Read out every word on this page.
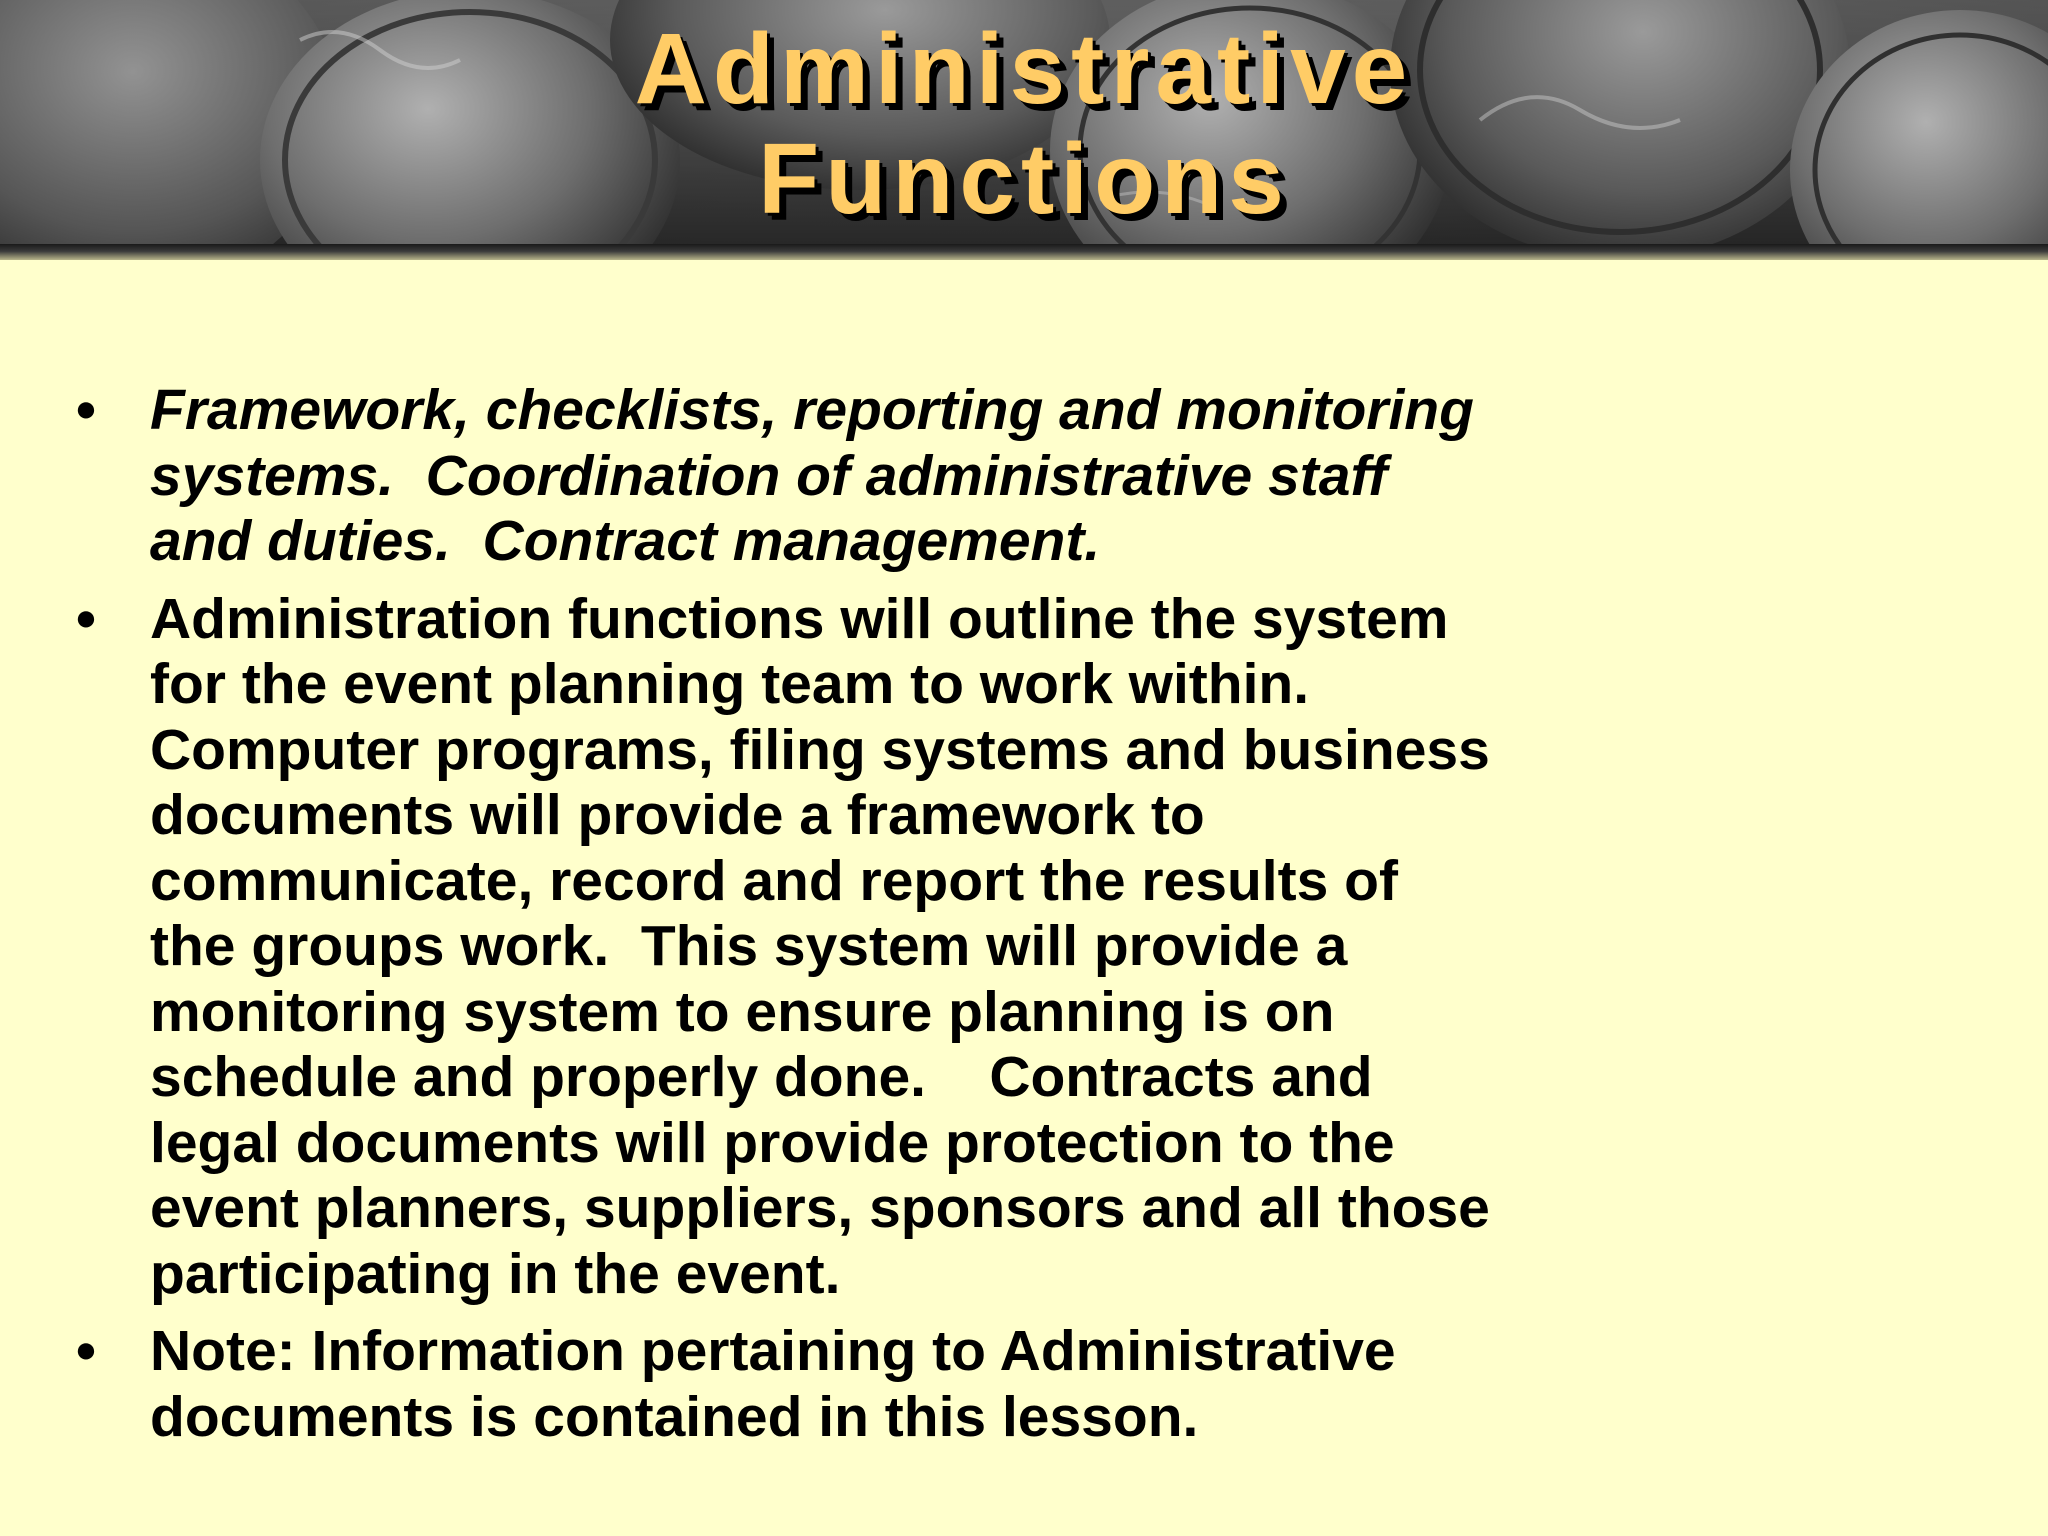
Administrative
Functions
• Framework, checklists, reporting and monitoring
systems.  Coordination of administrative staff
and duties.  Contract management.
• Administration functions will outline the system
for the event planning team to work within.
Computer programs, filing systems and business
documents will provide a framework to
communicate, record and report the results of
the groups work.  This system will provide a
monitoring system to ensure planning is on
schedule and properly done.    Contracts and
legal documents will provide protection to the
event planners, suppliers, sponsors and all those
participating in the event.
• Note: Information pertaining to Administrative
documents is contained in this lesson.
